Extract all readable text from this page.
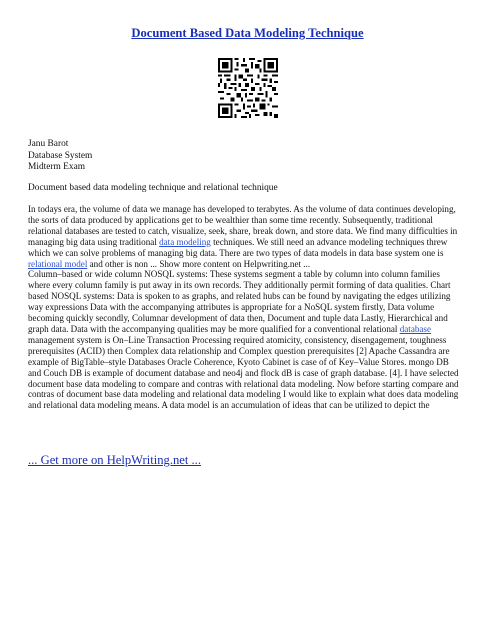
Document Based Data Modeling Technique
Janu Barot
Database System
Midterm Exam
Document based data modeling technique and relational technique
In todays era, the volume of data we manage has developed to terabytes. As the volume of data continues developing,
the sorts of data produced by applications get to be wealthier than some time recently. Subsequently, traditional
relational databases are tested to catch, visualize, seek, share, break down, and store data. We find many difficulties in
managing big data using traditional data modeling techniques. We still need an advance modeling techniques threw
which we can solve problems of managing big data. There are two types of data models in data base system one is
relational model and other is non ... Show more content on Helpwriting.net ...
Column–based or wide column NOSQL systems: These systems segment a table by column into column families
where every column family is put away in its own records. They additionally permit forming of data qualities. Chart
based NOSQL systems: Data is spoken to as graphs, and related hubs can be found by navigating the edges utilizing
way expressions Data with the accompanying attributes is appropriate for a NoSQL system firstly, Data volume
becoming quickly secondly, Columnar development of data then, Document and tuple data Lastly, Hierarchical and
graph data. Data with the accompanying qualities may be more qualified for a conventional relational database
management system is On–Line Transaction Processing required atomicity, consistency, disengagement, toughness
prerequisites (ACID) then Complex data relationship and Complex question prerequisites [2] Apache Cassandra are
example of BigTable–style Databases Oracle Coherence, Kyoto Cabinet is case of of Key–Value Stores. mongo DB
and Couch DB is example of document database and neo4j and flock dB is case of graph database. [4]. I have selected
document base data modeling to compare and contras with relational data modeling. Now before starting compare and
contras of document base data modeling and relational data modeling I would like to explain what does data modeling
and relational data modeling means. A data model is an accumulation of ideas that can be utilized to depict the
... Get more on HelpWriting.net ...
